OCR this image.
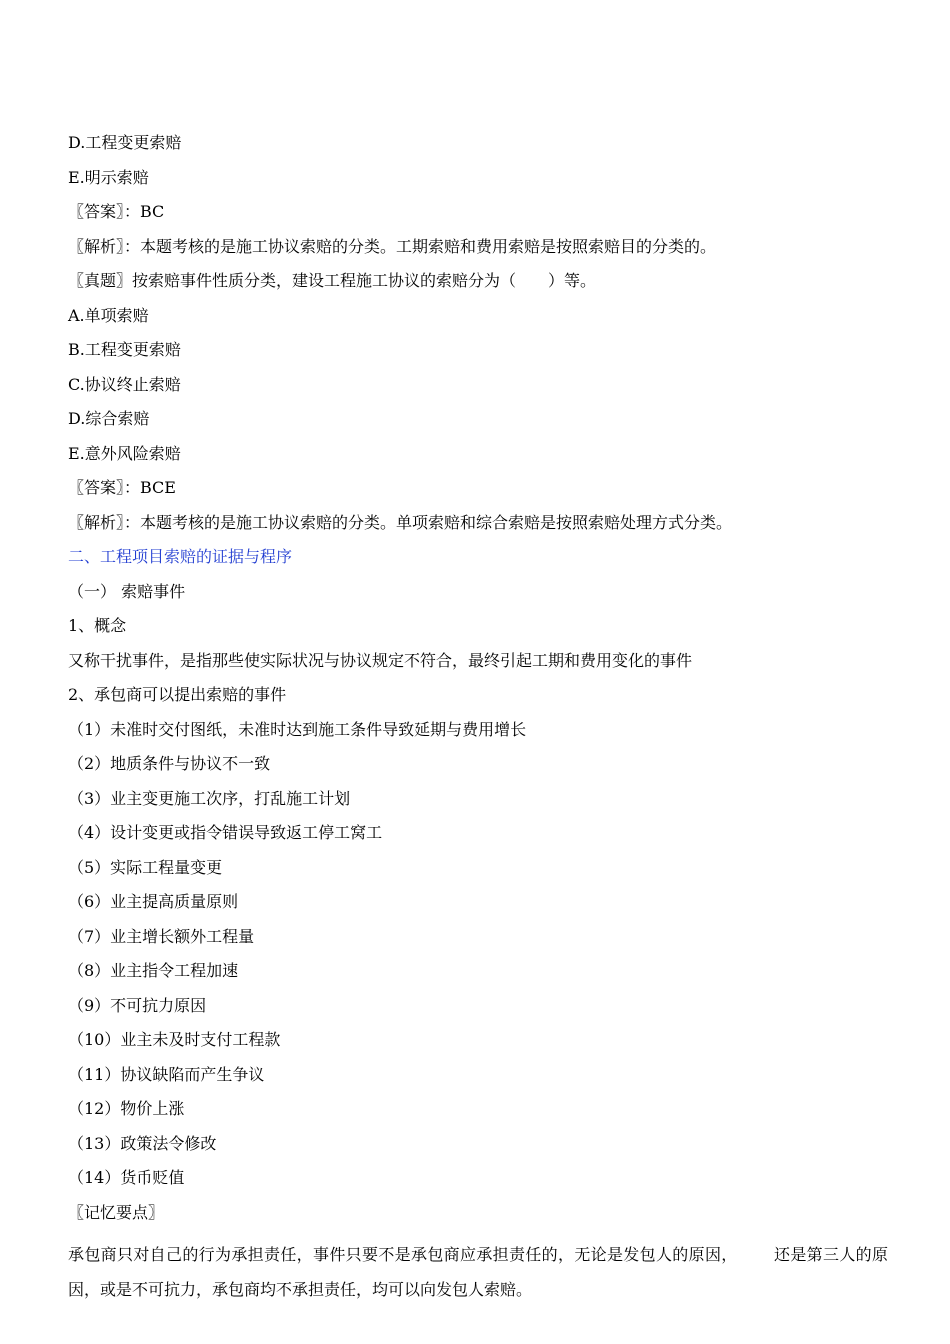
D.工程变更索赔
E.明示索赔
〖答案〗：BC
〖解析〗：本题考核的是施工协议索赔的分类。工期索赔和费用索赔是按照索赔目的分类的。
〖真题〗按索赔事件性质分类，建设工程施工协议的索赔分为（　　）等。
A.单项索赔
B.工程变更索赔
C.协议终止索赔
D.综合索赔
E.意外风险索赔
〖答案〗：BCE
〖解析〗：本题考核的是施工协议索赔的分类。单项索赔和综合索赔是按照索赔处理方式分类。
二、工程项目索赔的证据与程序
（一） 索赔事件
1、概念
又称干扰事件，是指那些使实际状况与协议规定不符合，最终引起工期和费用变化的事件
2、承包商可以提出索赔的事件
（1）未准时交付图纸，未准时达到施工条件导致延期与费用增长
（2）地质条件与协议不一致
（3）业主变更施工次序，打乱施工计划
（4）设计变更或指令错误导致返工停工窝工
（5）实际工程量变更
（6）业主提高质量原则
（7）业主增长额外工程量
（8）业主指令工程加速
（9）不可抗力原因
（10）业主未及时支付工程款
（11）协议缺陷而产生争议
（12）物价上涨
（13）政策法令修改
（14）货币贬值
〖记忆要点〗
承包商只对自己的行为承担责任，事件只要不是承包商应承担责任的，无论是发包人的原因， 还是第三人的原因，或是不可抗力，承包商均不承担责任，均可以向发包人索赔。
